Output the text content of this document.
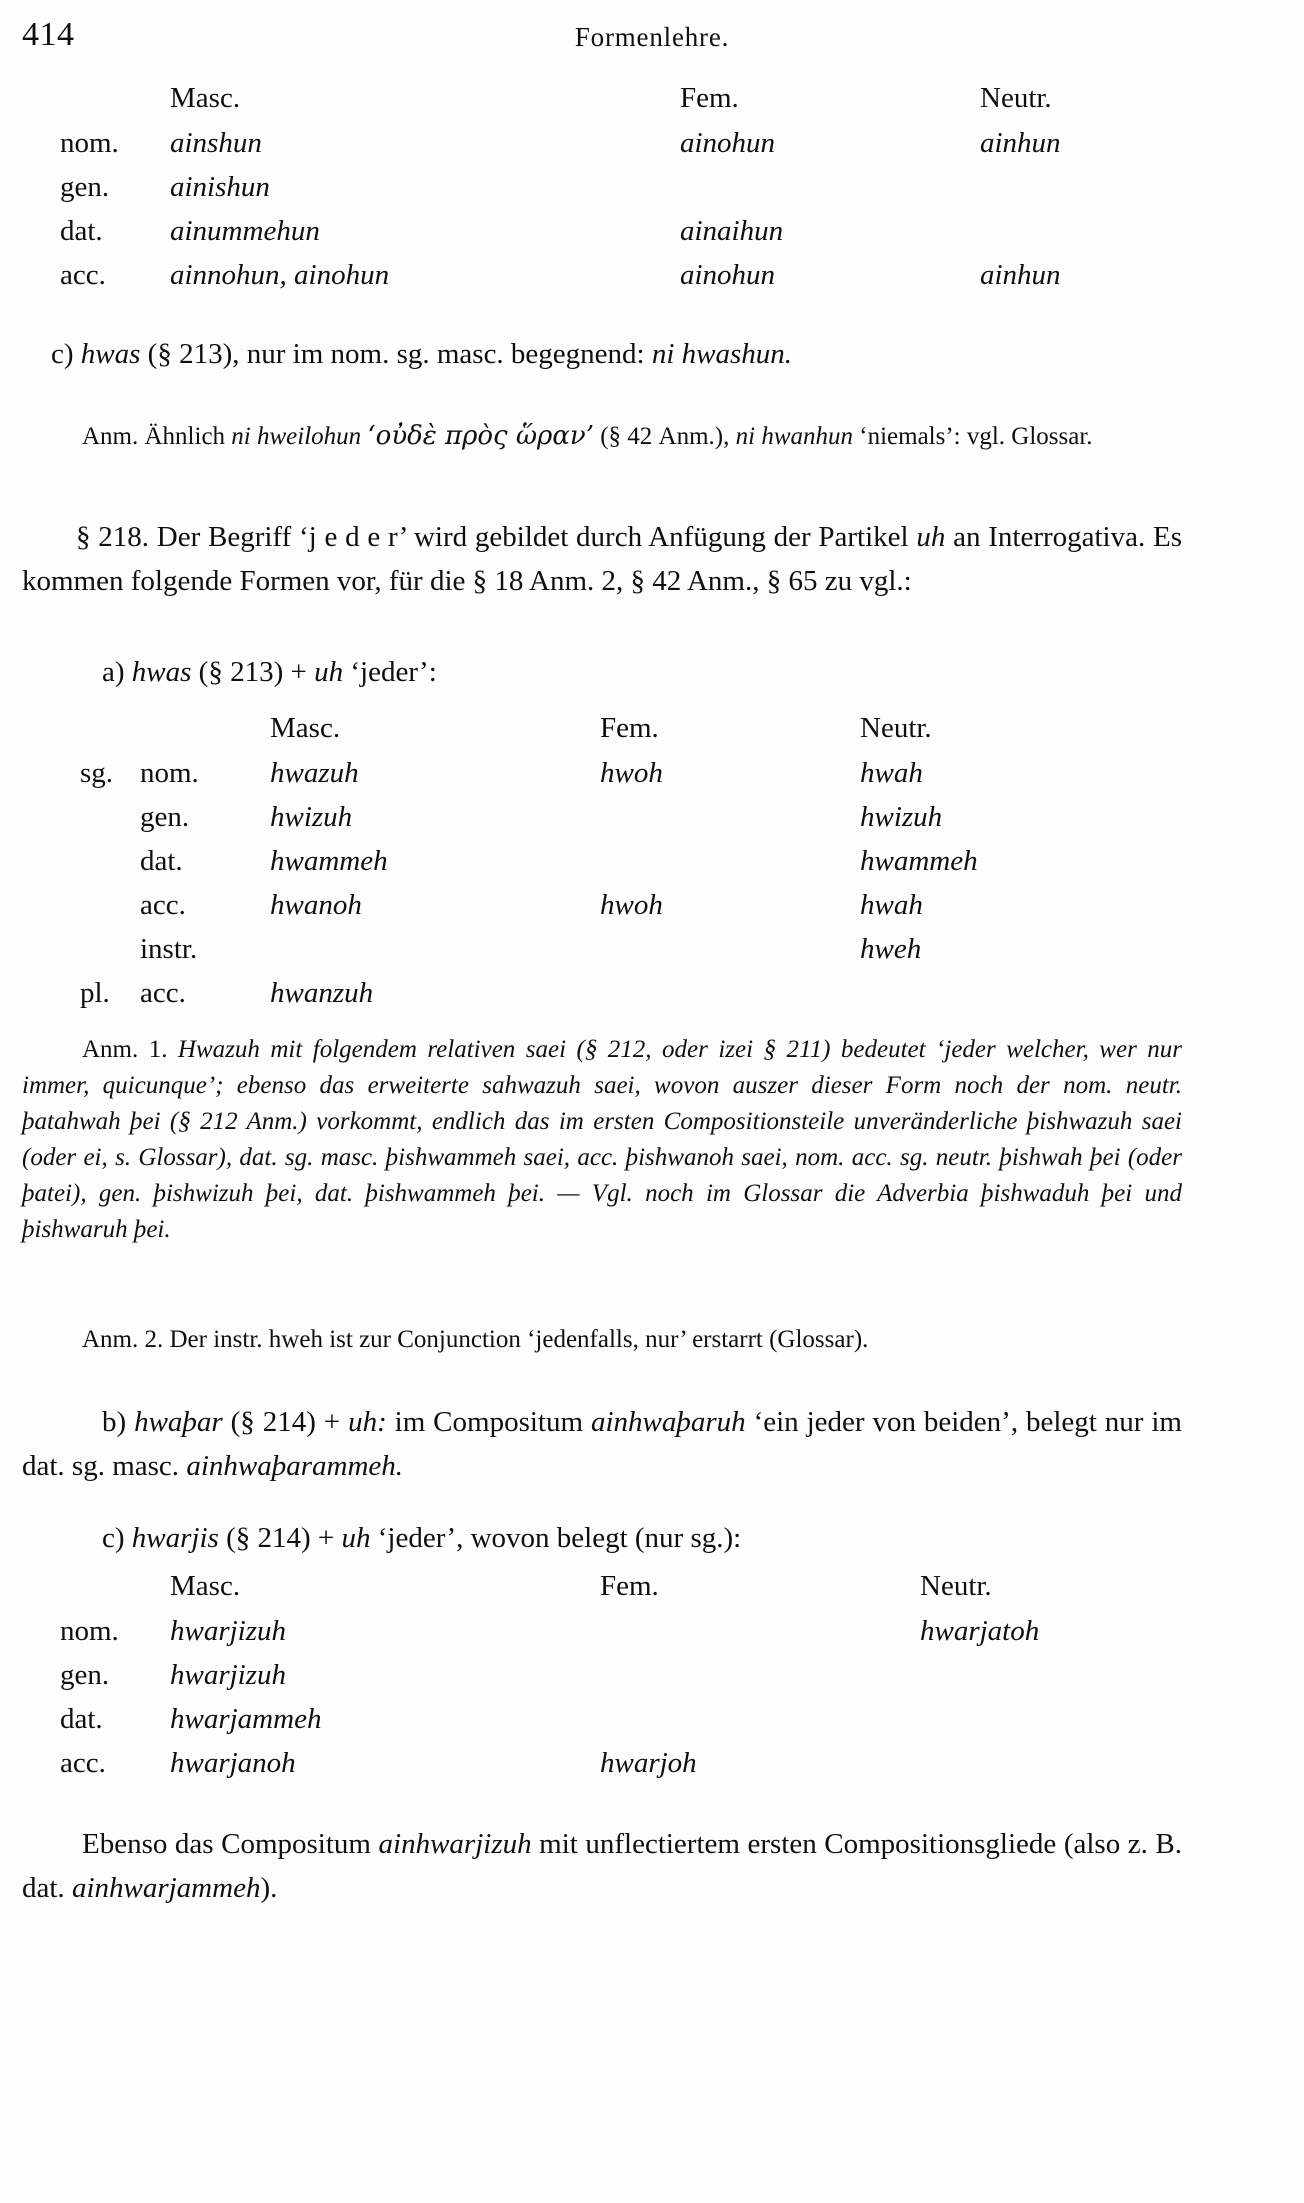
414	Formenlehre.
	Masc.	Fem.	Neutr.
nom.	ainshun	ainohun	ainhun
gen.	ainishun		
dat.	ainummehun	ainaihun	
acc.	ainnohun, ainohun	ainohun	ainhun
c) hwas (§ 213), nur im nom. sg. masc. begegnend: ni hwashun.
Anm. Ähnlich ni hweilohun ‘οὐδὲ πρὸς ὥραν’ (§ 42 Anm.), ni hwanhun ‘niemals’: vgl. Glossar.
§ 218. Der Begriff ‘j e d e r’ wird gebildet durch Anfügung der Partikel uh an Interrogativa. Es kommen folgende Formen vor, für die § 18 Anm. 2, § 42 Anm., § 65 zu vgl.:
a) hwas (§ 213) + uh ‘jeder’:
		Masc.	Fem.	Neutr.
sg.	nom.	hwazuh	hwoh	hwah
	gen.	hwizuh		hwizuh
	dat.	hwammeh		hwammeh
	acc.	hwanoh	hwoh	hwah
	instr.			hweh
pl.	acc.	hwanzuh		
Anm. 1. Hwazuh mit folgendem relativen saei (§ 212, oder izei § 211) bedeutet ‘jeder welcher, wer nur immer, quicunque’; ebenso das erweiterte sahwazuh saei, wovon auszer dieser Form noch der nom. neutr. þatahwah þei (§ 212 Anm.) vorkommt, endlich das im ersten Compositionsteile unveränderliche þishwazuh saei (oder ei, s. Glossar), dat. sg. masc. þishwammeh saei, acc. þishwanoh saei, nom. acc. sg. neutr. þishwah þei (oder þatei), gen. þishwizuh þei, dat. þishwammeh þei. — Vgl. noch im Glossar die Adverbia þishwaduh þei und þishwaruh þei.
Anm. 2. Der instr. hweh ist zur Conjunction ‘jedenfalls, nur’ erstarrt (Glossar).
b) hwaþar (§ 214) + uh: im Compositum ainhwaþaruh ‘ein jeder von beiden’, belegt nur im dat. sg. masc. ainhwaþarammeh.
c) hwarjis (§ 214) + uh ‘jeder’, wovon belegt (nur sg.):
	Masc.	Fem.	Neutr.
nom.	hwarjizuh		hwarjatoh
gen.	hwarjizuh		
dat.	hwarjammeh		
acc.	hwarjanoh	hwarjoh	
Ebenso das Compositum ainhwarjizuh mit unflectiertem ersten Compositionsgliede (also z. B. dat. ainhwarjammeh).
